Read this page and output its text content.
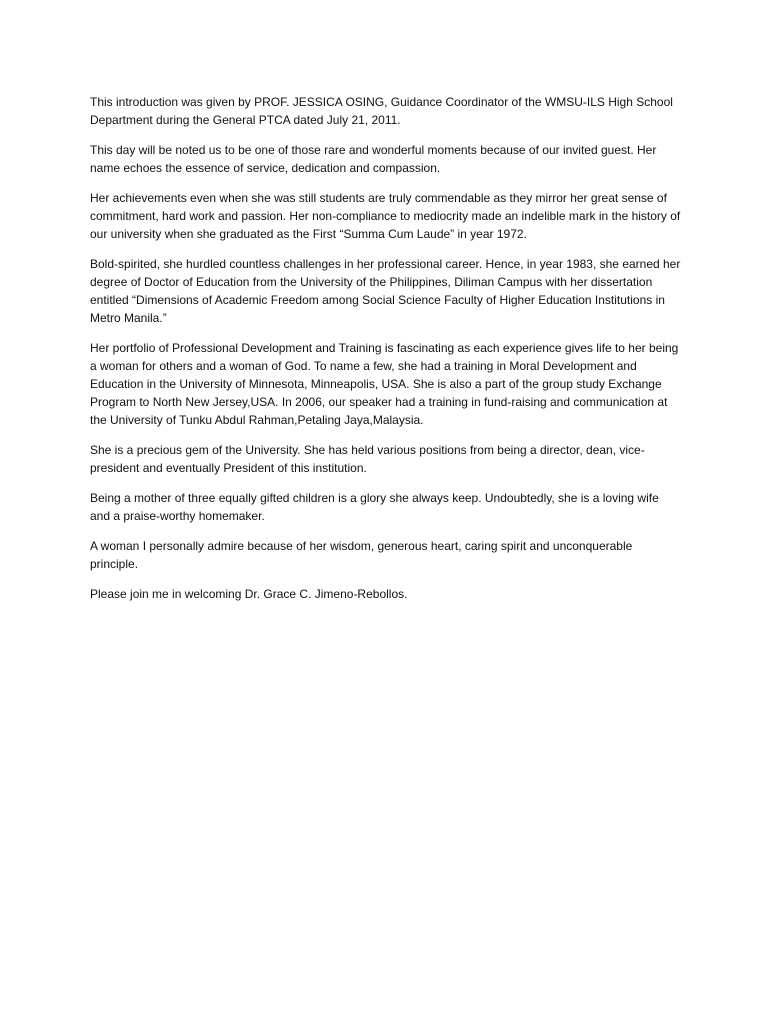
This introduction was given by PROF. JESSICA OSING, Guidance Coordinator of the WMSU-ILS High School Department during the General PTCA dated July 21, 2011.

This day will be noted us to be one of those rare and wonderful moments because of our invited guest. Her name echoes the essence of service, dedication and compassion.

Her achievements even when she was still students are truly commendable as they mirror her great sense of commitment, hard work and passion. Her non-compliance to mediocrity made an indelible mark in the history of our university when she graduated as the First “Summa Cum Laude” in year 1972.

Bold-spirited, she hurdled countless challenges in her professional career. Hence, in year 1983, she earned her degree of Doctor of Education from the University of the Philippines, Diliman Campus with her dissertation entitled “Dimensions of Academic Freedom among Social Science Faculty of Higher Education Institutions in Metro Manila.”

Her portfolio of Professional Development and Training is fascinating as each experience gives life to her being a woman for others and a woman of God. To name a few, she had a training in Moral Development and Education in the University of Minnesota, Minneapolis, USA. She is also a part of the group study Exchange Program to North New Jersey,USA. In 2006, our speaker had a training in fund-raising and communication at the University of Tunku Abdul Rahman,Petaling Jaya,Malaysia.

She is a precious gem of the University. She has held various positions from being a director, dean, vice-president and eventually President of this institution.

Being a mother of three equally gifted children is a glory she always keep. Undoubtedly, she is a loving wife and a praise-worthy homemaker.

A woman I personally admire because of her wisdom, generous heart, caring spirit and unconquerable principle.

Please join me in welcoming Dr. Grace C. Jimeno-Rebollos.
